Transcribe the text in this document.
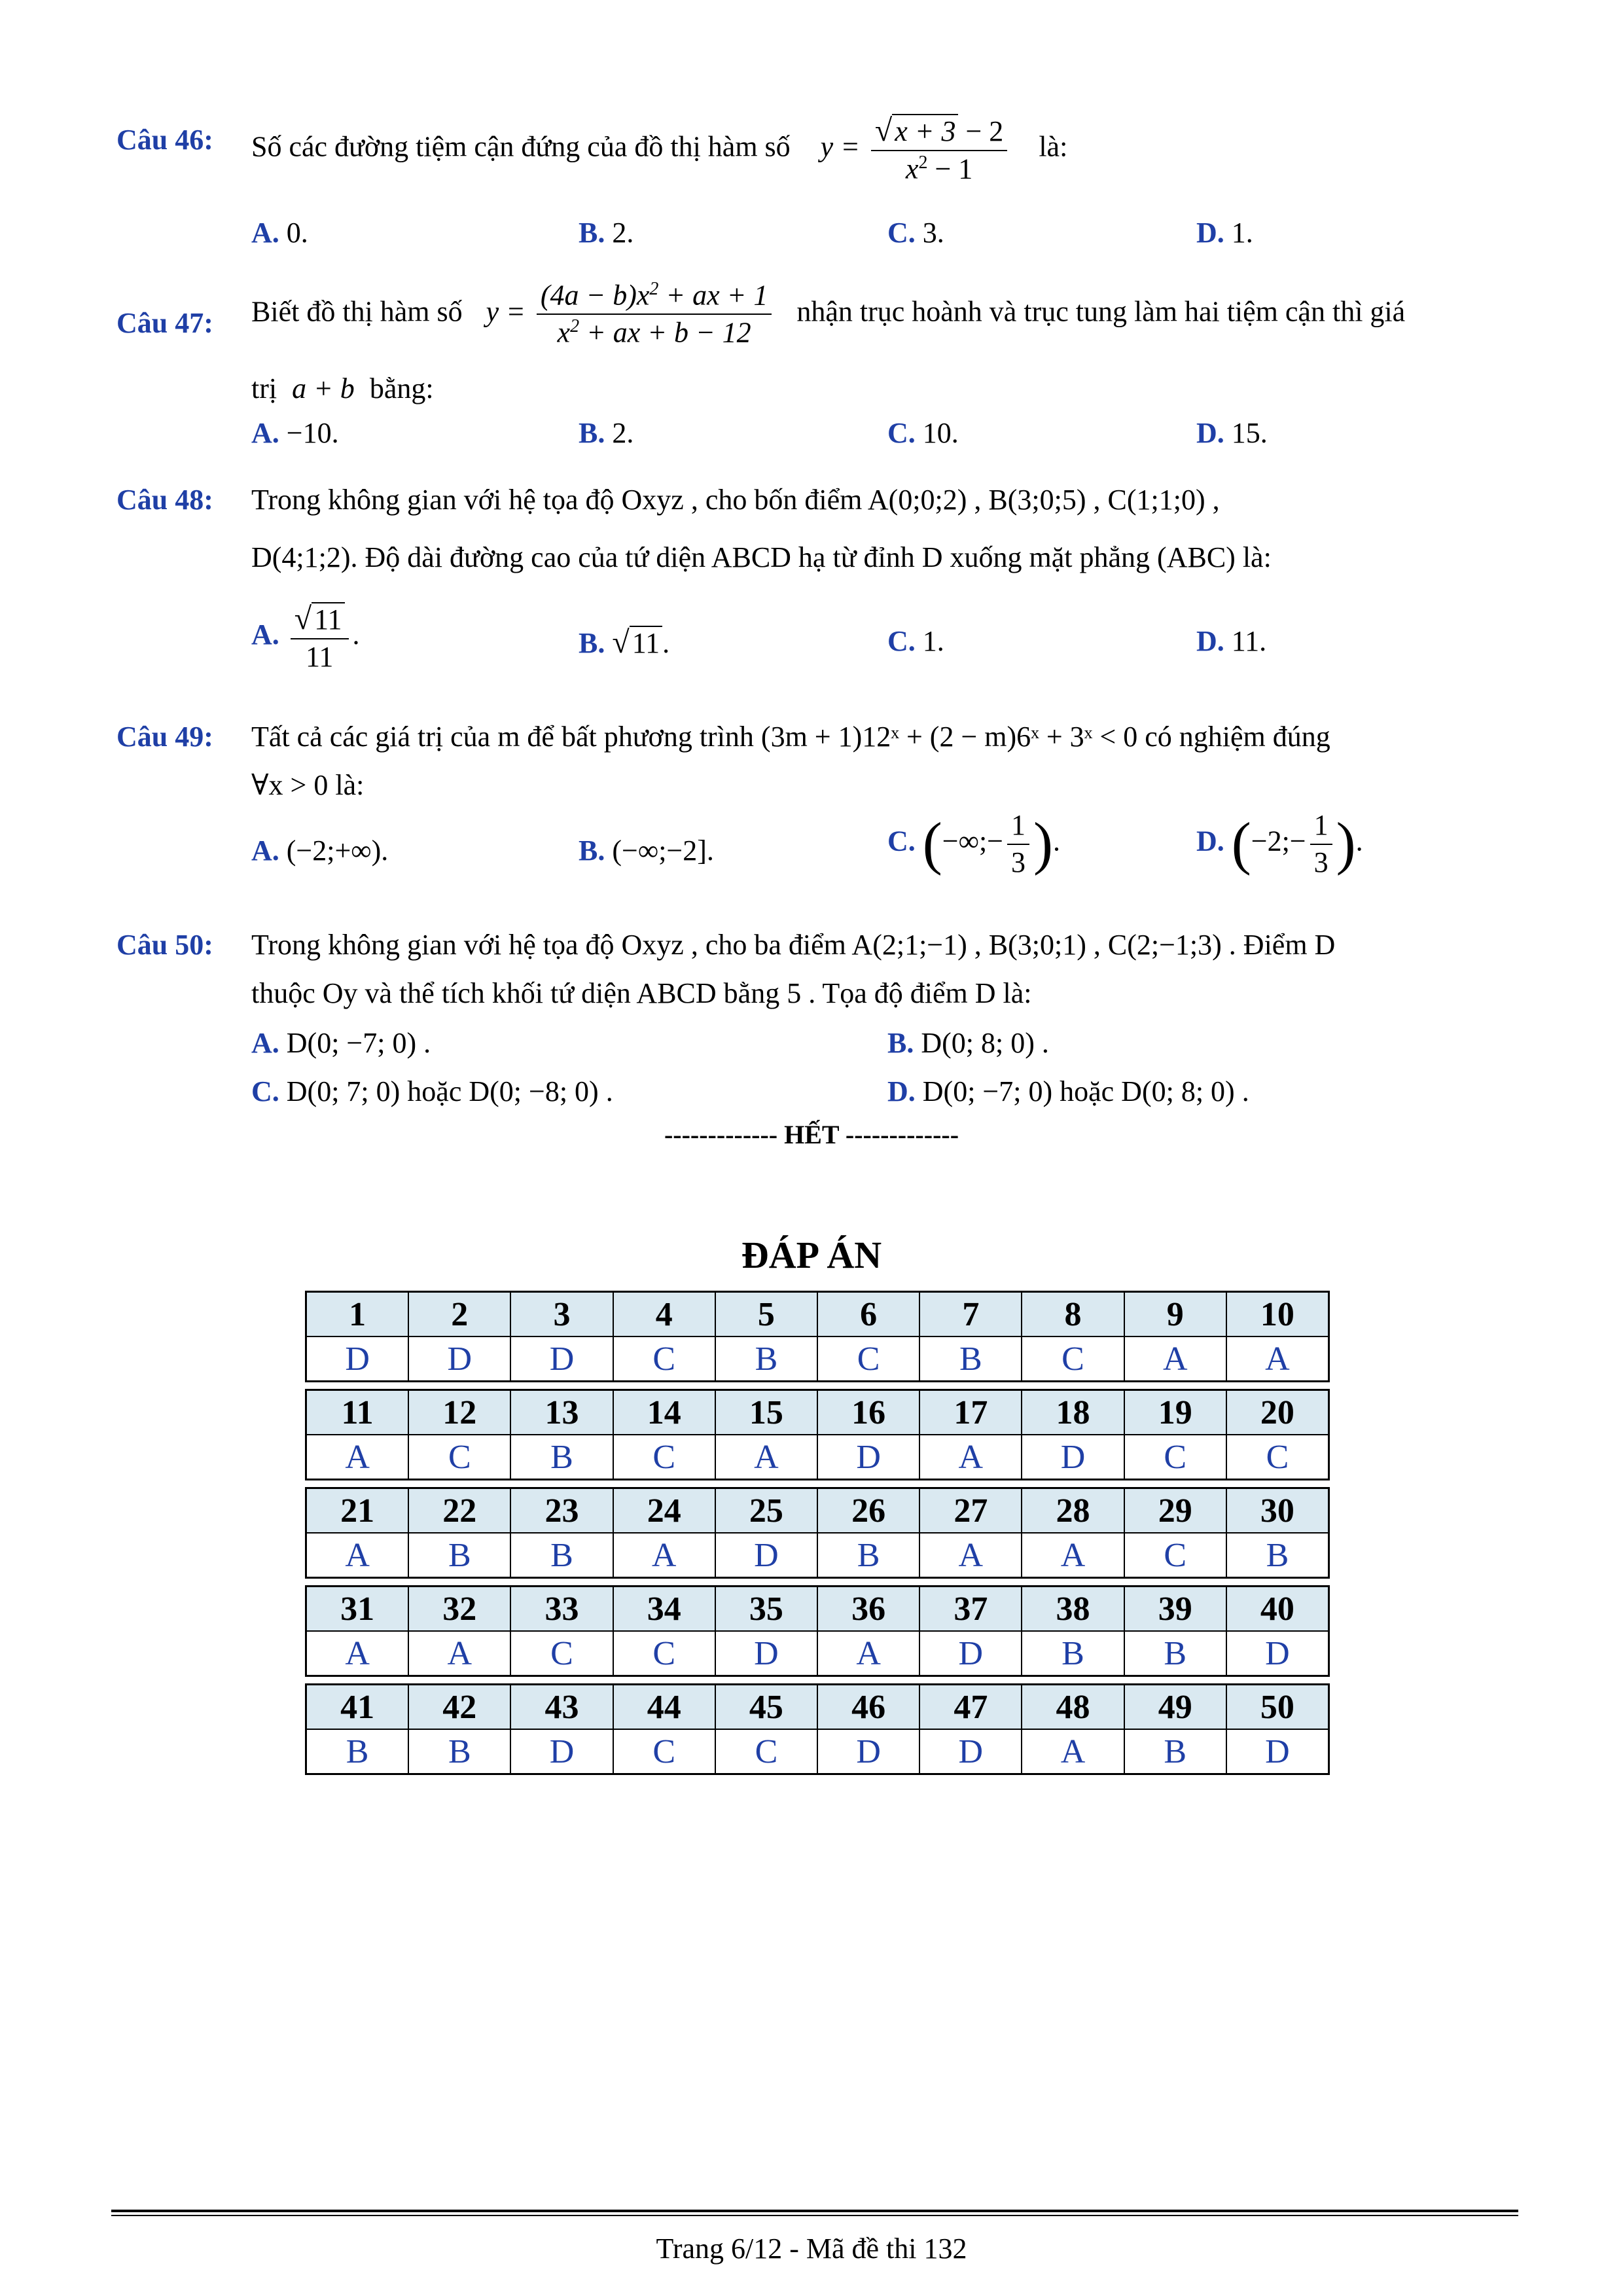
Câu 46: Số các đường tiệm cận đứng của đồ thị hàm số $y = \frac{√x + 3 - 2}{x^2 - 1}$ là:
A. 0.	B. 2.	C. 3.	D. 1.
Câu 47: Biết đồ thị hàm số $y = \frac{(4a - b)x^2 + ax + 1}{x^2 + ax + b - 12}$ nhận trục hoành và trục tung làm hai tiệm cận thì giá
trị a + b bằng:
A. −10.	B. 2.	C. 10.	D. 15.
Câu 48: Trong không gian với hệ tọa độ Oxyz , cho bốn điểm A(0;0;2) , B(3;0;5) , C(1;1;0) ,
D(4;1;2). Độ dài đường cao của tứ diện ABCD hạ từ đỉnh D xuống mặt phẳng (ABC) là:
A. $\frac{√11}{11}$ .	B. √11.	C. 1.	D. 11.
Câu 49: Tất cả các giá trị của m để bất phương trình (3m + 1)12ˣ + (2 − m)6ˣ + 3ˣ < 0 có nghiệm đúng
∀x > 0 là:
A. (−2;+∞).	B. (−∞;−2].	C. (−∞;− $\frac{1}{3}$ ).	D. (−2;− $\frac{1}{3}$ ).
Câu 50: Trong không gian với hệ tọa độ Oxyz , cho ba điểm A(2;1;−1) , B(3;0;1) , C(2;−1;3) . Điểm D
thuộc Oy và thể tích khối tứ diện ABCD bằng 5 . Tọa độ điểm D là:
A. D(0; −7; 0) .	B. D(0; 8; 0) .
C. D(0; 7; 0) hoặc D(0; −8; 0) .	D. D(0; −7; 0) hoặc D(0; 8; 0) .
------------- HẾT -------------
ĐÁP ÁN
1	2	3	4	5	6	7	8	9	10
D	D	D	C	B	C	B	C	A	A
11	12	13	14	15	16	17	18	19	20
A	C	B	C	A	D	A	D	C	C
21	22	23	24	25	26	27	28	29	30
A	B	B	A	D	B	A	A	C	B
31	32	33	34	35	36	37	38	39	40
A	A	C	C	D	A	D	B	B	D
41	42	43	44	45	46	47	48	49	50
B	B	D	C	C	D	D	A	B	D
Trang 6/12 - Mã đề thi 132
